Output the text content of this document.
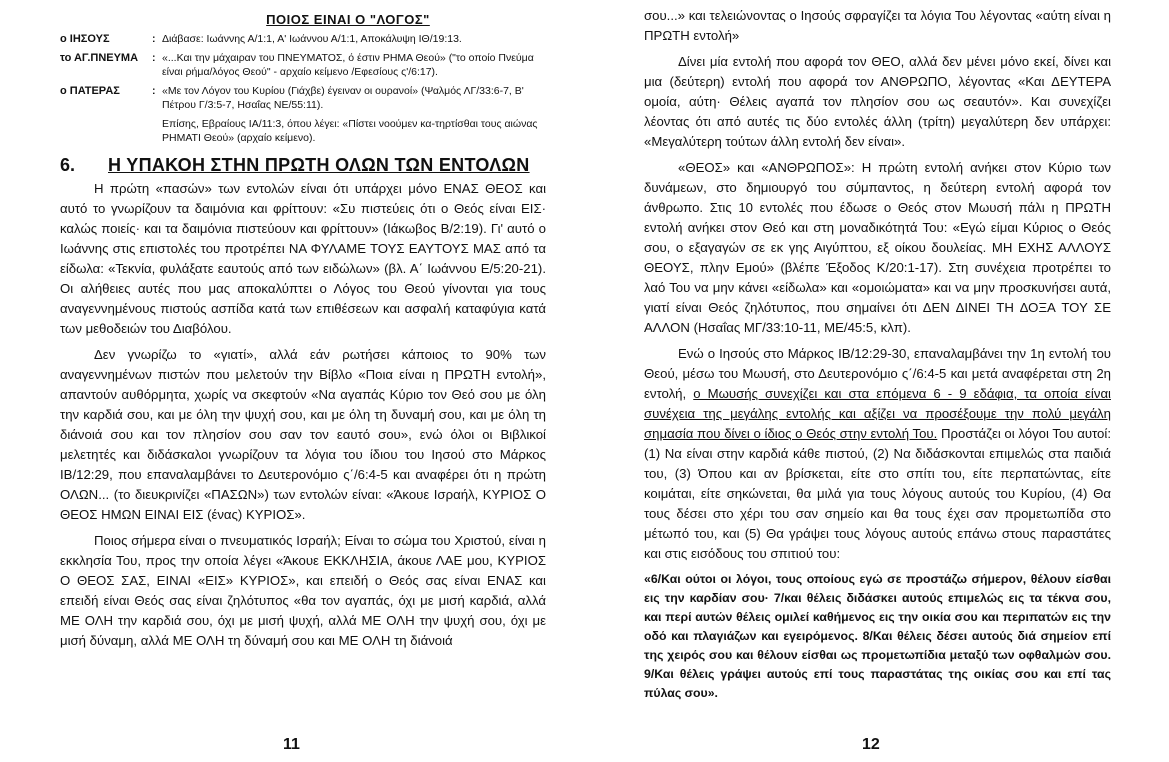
ΠΟΙΟΣ ΕΙΝΑΙ Ο "ΛΟΓΟΣ"
ο ΙΗΣΟΥΣ	: Διάβασε: Ιωάννης Α/1:1, Α' Ιωάννου Α/1:1, Αποκάλυψη ΙΘ/19:13.
το ΑΓ.ΠΝΕΥΜΑ	: «...Και την μάχαιραν του ΠΝΕΥΜΑΤΟΣ, ό έστιν ΡΗΜΑ Θεού» ("το οποίο Πνεύμα είναι ρήμα/λόγος Θεού" - αρχαίο κείμενο /Εφεσίους ς'/6:17).
ο ΠΑΤΕΡΑΣ	: «Με τον Λόγον του Κυρίου (Γιάχβε) έγειναν οι ουρανοί» (Ψαλμός ΛΓ/33:6-7, Β' Πέτρου Γ/3:5-7, Ησαΐας ΝΕ/55:11).
Επίσης, Εβραίους ΙΑ/11:3, όπου λέγει: «Πίστει νοούμεν κα-τηρτίσθαι τους αιώνας ΡΗΜΑΤΙ Θεού» (αρχαίο κείμενο).
6.	Η ΥΠΑΚΟΗ ΣΤΗΝ ΠΡΩΤΗ ΟΛΩΝ ΤΩΝ ΕΝΤΟΛΩΝ

Η πρώτη «πασών» των εντολών είναι ότι υπάρχει μόνο ΕΝΑΣ ΘΕΟΣ και αυτό το γνωρίζουν τα δαιμόνια και φρίττουν: «Συ πιστεύεις ότι ο Θεός είναι ΕΙΣ· καλώς ποιείς· και τα δαιμόνια πιστεύουν και φρίττουν» (Ιάκωβος Β/2:19). Γι' αυτό ο Ιωάννης στις επιστολές του προτρέπει ΝΑ ΦΥΛΑΜΕ ΤΟΥΣ ΕΑΥΤΟΥΣ ΜΑΣ από τα είδωλα: «Τεκνία, φυλάξατε εαυτούς από των ειδώλων» (βλ. Α΄ Ιωάννου Ε/5:20-21). Οι αλήθειες αυτές που μας αποκαλύπτει ο Λόγος του Θεού γίνονται για τους αναγεννημένους πιστούς ασπίδα κατά των επιθέσεων και ασφαλή καταφύγια κατά των μεθοδειών του Διαβόλου.

Δεν γνωρίζω το «γιατί», αλλά εάν ρωτήσει κάποιος το 90% των αναγεννημένων πιστών που μελετούν την Βίβλο «Ποια είναι η ΠΡΩΤΗ εντολή», απαντούν αυθόρμητα, χωρίς να σκεφτούν «Να αγαπάς Κύριο τον Θεό σου με όλη την καρδιά σου, και με όλη την ψυχή σου, και με όλη τη δυναμή σου, και με όλη τη διάνοιά σου και τον πλησίον σου σαν τον εαυτό σου», ενώ όλοι οι Βιβλικοί μελετητές και διδάσκαλοι γνωρίζουν τα λόγια του ίδιου του Ιησού στο Μάρκος ΙΒ/12:29, που επαναλαμβάνει το Δευτερονόμιο ς΄/6:4-5 και αναφέρει ότι η πρώτη ΟΛΩΝ... (το διευκρινίζει «ΠΑΣΩΝ») των εντολών είναι: «Άκουε Ισραήλ, ΚΥΡΙΟΣ Ο ΘΕΟΣ ΗΜΩΝ ΕΙΝΑΙ ΕΙΣ (ένας) ΚΥΡΙΟΣ».

Ποιος σήμερα είναι ο πνευματικός Ισραήλ; Είναι το σώμα του Χριστού, είναι η εκκλησία Του, προς την οποία λέγει «Άκουε ΕΚΚΛΗΣΙΑ, άκουε ΛΑΕ μου, ΚΥΡΙΟΣ Ο ΘΕΟΣ ΣΑΣ, ΕΙΝΑΙ «ΕΙΣ» ΚΥΡΙΟΣ», και επειδή ο Θεός σας είναι ΕΝΑΣ και επειδή είναι Θεός σας είναι ζηλότυπος «θα τον αγαπάς, όχι με μισή καρδιά, αλλά ΜΕ ΟΛΗ την καρδιά σου, όχι με μισή ψυχή, αλλά ΜΕ ΟΛΗ την ψυχή σου, όχι με μισή δύναμη, αλλά ΜΕ ΟΛΗ τη δύναμή σου και ΜΕ ΟΛΗ τη διάνοιά

11

σου...» και τελειώνοντας ο Ιησούς σφραγίζει τα λόγια Του λέγοντας «αύτη είναι η ΠΡΩΤΗ εντολή»

Δίνει μία εντολή που αφορά τον ΘΕΟ, αλλά δεν μένει μόνο εκεί, δίνει και μια (δεύτερη) εντολή που αφορά τον ΑΝΘΡΩΠΟ, λέγοντας «Και ΔΕΥΤΕΡΑ ομοία, αύτη· Θέλεις αγαπά τον πλησίον σου ως σεαυτόν». Και συνεχίζει λέοντας ότι από αυτές τις δύο εντολές άλλη (τρίτη) μεγαλύτερη δεν υπάρχει: «Μεγαλύτερη τούτων άλλη εντολή δεν είναι».

«ΘΕΟΣ» και «ΑΝΘΡΩΠΟΣ»: Η πρώτη εντολή ανήκει στον Κύριο των δυνάμεων, στο δημιουργό του σύμπαντος, η δεύτερη εντολή αφορά τον άνθρωπο. Στις 10 εντολές που έδωσε ο Θεός στον Μωυσή πάλι η ΠΡΩΤΗ εντολή ανήκει στον Θεό και στη μοναδικότητά Του: «Εγώ είμαι Κύριος ο Θεός σου, ο εξαγαγών σε εκ γης Αιγύπτου, εξ οίκου δουλείας. ΜΗ ΕΧΗΣ ΑΛΛΟΥΣ ΘΕΟΥΣ, πλην Εμού» (βλέπε Έξοδος Κ/20:1-17). Στη συνέχεια προτρέπει το λαό Του να μην κάνει «είδωλα» και «ομοιώματα» και να μην προσκυνήσει αυτά, γιατί είναι Θεός ζηλότυπος, που σημαίνει ότι ΔΕΝ ΔΙΝΕΙ ΤΗ ΔΟΞΑ ΤΟΥ ΣΕ ΑΛΛΟΝ (Ησαΐας ΜΓ/33:10-11, ΜΕ/45:5, κλπ).

Ενώ ο Ιησούς στο Μάρκος ΙΒ/12:29-30, επαναλαμβάνει την 1η εντολή του Θεού, μέσω του Μωυσή, στο Δευτερονόμιο ς΄/6:4-5 και μετά αναφέρεται στη 2η εντολή, ο Μωυσής συνεχίζει και στα επόμενα 6 - 9 εδάφια, τα οποία είναι συνέχεια της μεγάλης εντολής και αξίζει να προσέξουμε την πολύ μεγάλη σημασία που δίνει ο ίδιος ο Θεός στην εντολή Του. Προστάζει οι λόγοι Του αυτοί: (1) Να είναι στην καρδιά κάθε πιστού, (2) Να διδάσκονται επιμελώς στα παιδιά του, (3) Όπου και αν βρίσκεται, είτε στο σπίτι του, είτε περπατώντας, είτε κοιμάται, είτε σηκώνεται, θα μιλά για τους λόγους αυτούς του Κυρίου, (4) Θα τους δέσει στο χέρι του σαν σημείο και θα τους έχει σαν προμετωπίδα στο μέτωπό του, και (5) Θα γράψει τους λόγους αυτούς επάνω στους παραστάτες και στις εισόδους του σπιτιού του:

«6/Και ούτοι οι λόγοι, τους οποίους εγώ σε προστάζω σήμερον, θέλουν είσθαι εις την καρδίαν σου· 7/και θέλεις διδάσκει αυτούς επιμελώς εις τα τέκνα σου, και περί αυτών θέλεις ομιλεί καθήμενος εις την οικία σου και περιπατών εις την οδό και πλαγιάζων και εγειρόμενος. 8/Και θέλεις δέσει αυτούς διά σημείον επί της χειρός σου και θέλουν είσθαι ως προμετωπίδια μεταξύ των οφθαλμών σου. 9/Και θέλεις γράψει αυτούς επί τους παραστάτας της οικίας σου και επί τας πύλας σου».

12
